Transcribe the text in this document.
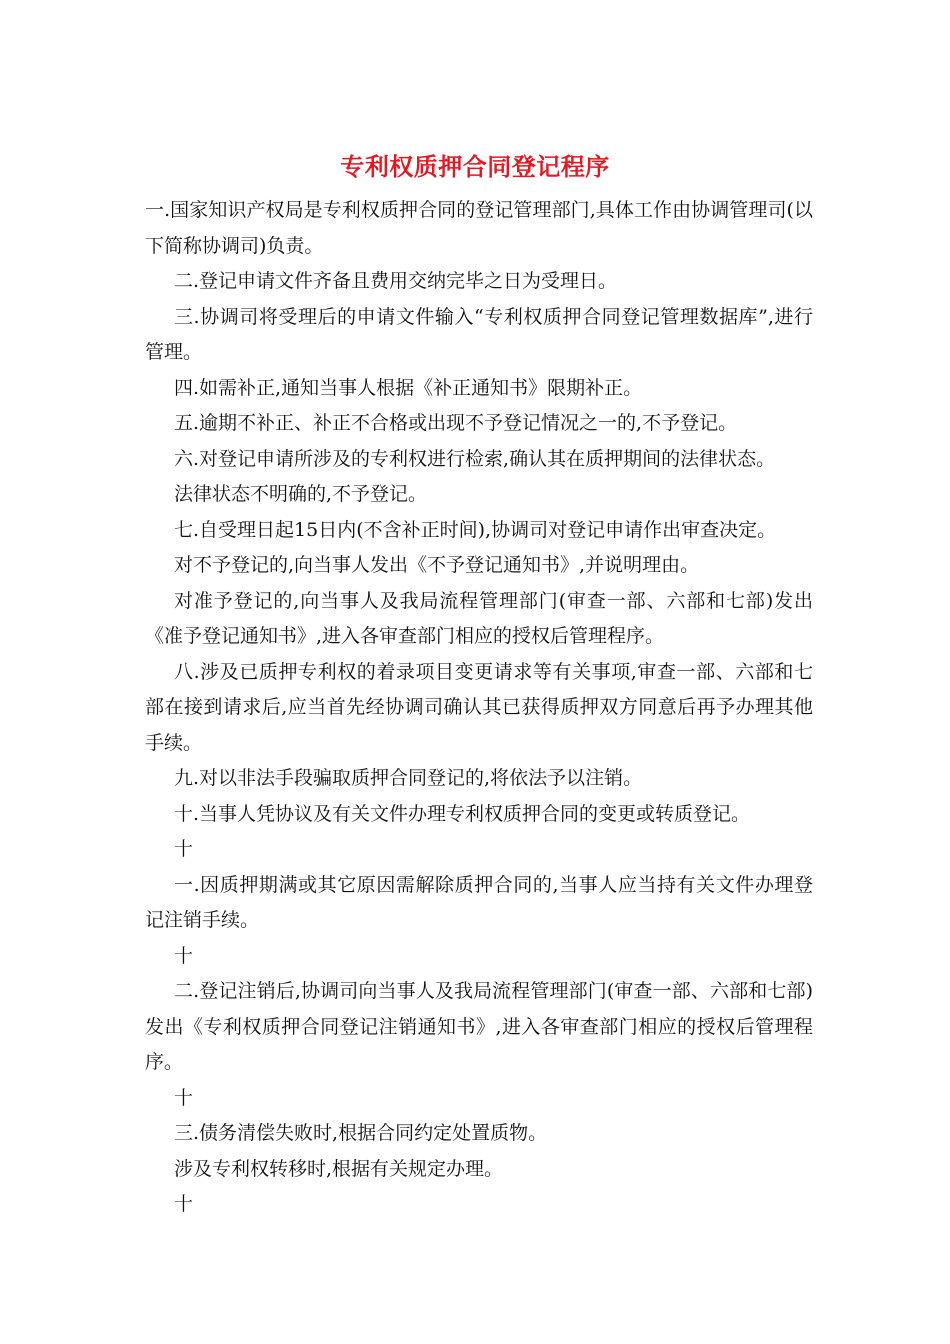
专利权质押合同登记程序

一.国家知识产权局是专利权质押合同的登记管理部门,具体工作由协调管理司(以下简称协调司)负责。

二.登记申请文件齐备且费用交纳完毕之日为受理日。

三.协调司将受理后的申请文件输入“专利权质押合同登记管理数据库”,进行管理。

四.如需补正,通知当事人根据《补正通知书》限期补正。

五.逾期不补正、补正不合格或出现不予登记情况之一的,不予登记。

六.对登记申请所涉及的专利权进行检索,确认其在质押期间的法律状态。

法律状态不明确的,不予登记。

七.自受理日起15日内(不含补正时间),协调司对登记申请作出审查决定。

对不予登记的,向当事人发出《不予登记通知书》,并说明理由。

对准予登记的,向当事人及我局流程管理部门(审查一部、六部和七部)发出《准予登记通知书》,进入各审查部门相应的授权后管理程序。

八.涉及已质押专利权的着录项目变更请求等有关事项,审查一部、六部和七部在接到请求后,应当首先经协调司确认其已获得质押双方同意后再予办理其他手续。

九.对以非法手段骗取质押合同登记的,将依法予以注销。

十.当事人凭协议及有关文件办理专利权质押合同的变更或转质登记。

十

一.因质押期满或其它原因需解除质押合同的,当事人应当持有关文件办理登记注销手续。

十

二.登记注销后,协调司向当事人及我局流程管理部门(审查一部、六部和七部)发出《专利权质押合同登记注销通知书》,进入各审查部门相应的授权后管理程序。

十

三.债务清偿失败时,根据合同约定处置质物。

涉及专利权转移时,根据有关规定办理。

十
